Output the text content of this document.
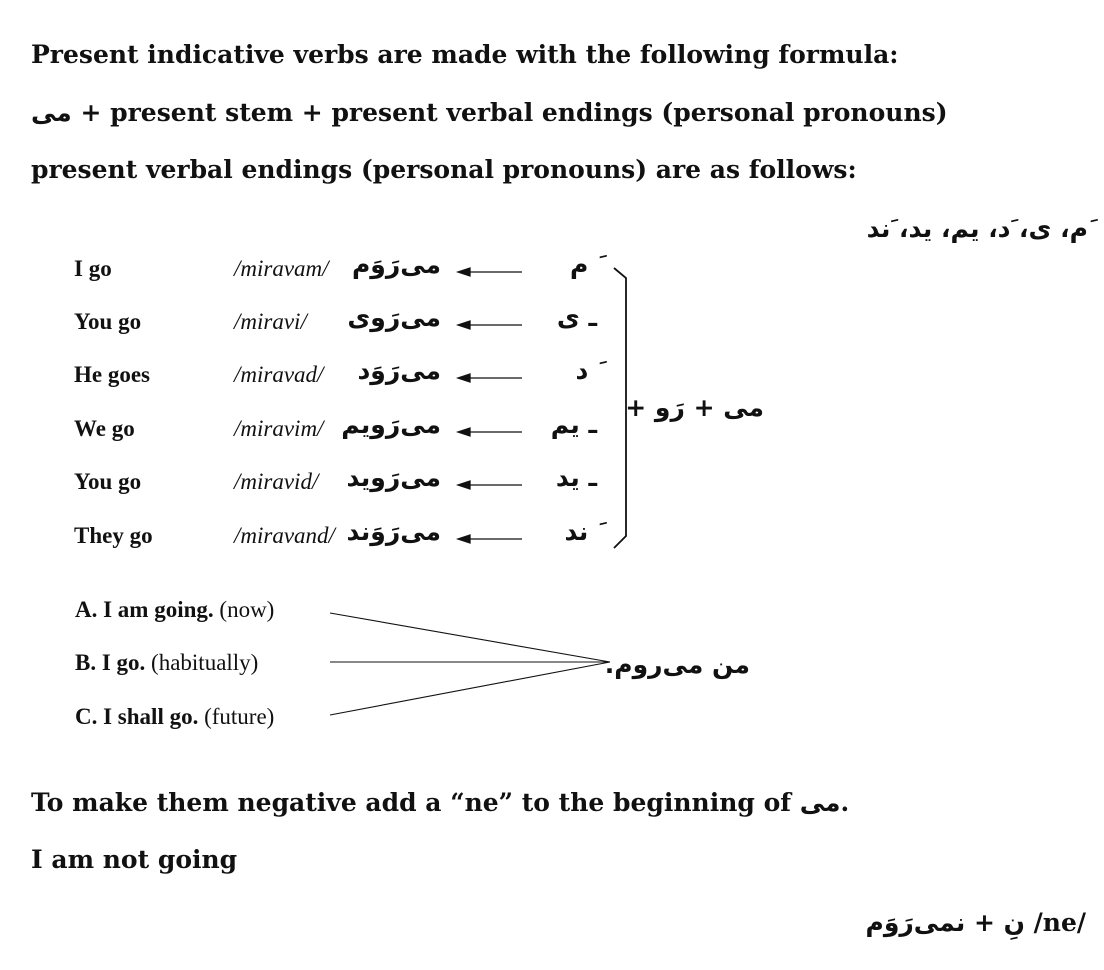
Present indicative verbs are made with the following formula:
می + present stem + present verbal endings (personal pronouns)
present verbal endings (personal pronouns) are as follows:
َم، ی، َد، یم، ید، َند
I go	/miravam/ می‌رَوَم	َ م
You go	/miravi/ می‌رَوی	ـ ی
He goes	/miravad/ می‌رَوَد	َ د
We go	/miravim/ می‌رَویم	ـ یم
You go	/miravid/ می‌رَوید	ـ ید
They go	/miravand/ می‌رَوَند	َ ند
می + رَو +
A. I am going. (now)
B. I go. (habitually)
C. I shall go. (future)
من می‌روم.
To make them negative add a “ne” to the beginning of می.
I am not going
نِ + نمی‌رَوَم /ne/
